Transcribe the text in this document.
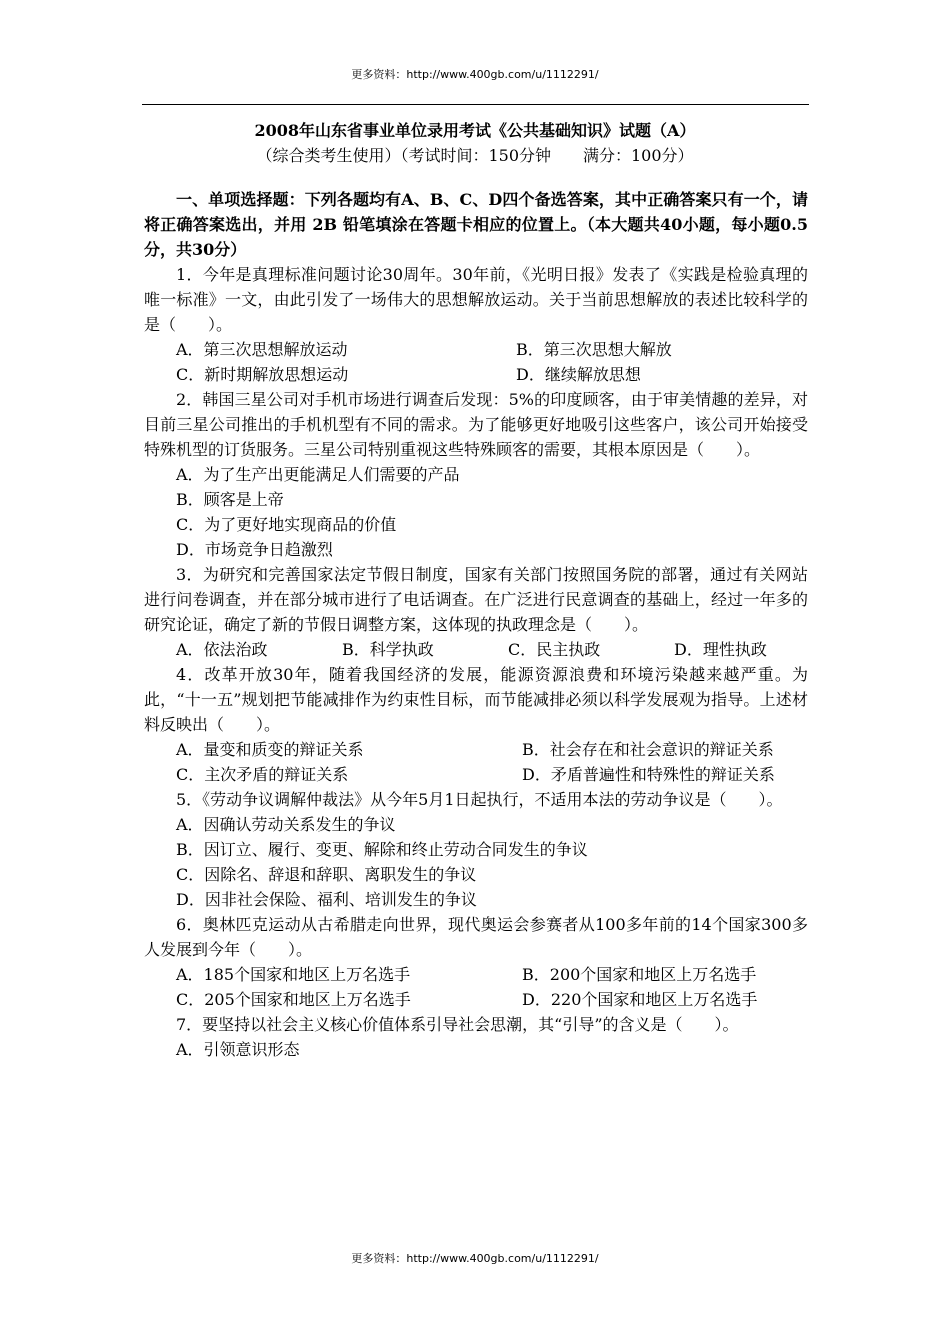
更多资料：http://www.400gb.com/u/1112291/
2008年山东省事业单位录用考试《公共基础知识》试题（A）
（综合类考生使用）（考试时间：150分钟　　满分：100分）

一、单项选择题：下列各题均有A、B、C、D四个备选答案，其中正确答案只有一个，请将正确答案选出，并用 2B 铅笔填涂在答题卡相应的位置上。（本大题共40小题，每小题0.5分，共30分）

1．今年是真理标准问题讨论30周年。30年前，《光明日报》发表了《实践是检验真理的唯一标准》一文，由此引发了一场伟大的思想解放运动。关于当前思想解放的表述比较科学的是（　　）。

A．第三次思想解放运动	B．第三次思想大解放
C．新时期解放思想运动	D．继续解放思想

2．韩国三星公司对手机市场进行调查后发现：5%的印度顾客，由于审美情趣的差异，对目前三星公司推出的手机机型有不同的需求。为了能够更好地吸引这些客户，该公司开始接受特殊机型的订货服务。三星公司特别重视这些特殊顾客的需要，其根本原因是（　　）。

A．为了生产出更能满足人们需要的产品

B．顾客是上帝

C．为了更好地实现商品的价值

D．市场竞争日趋激烈

3．为研究和完善国家法定节假日制度，国家有关部门按照国务院的部署，通过有关网站进行问卷调查，并在部分城市进行了电话调查。在广泛进行民意调查的基础上，经过一年多的研究论证，确定了新的节假日调整方案，这体现的执政理念是（　　）。

A．依法治政	B．科学执政	C．民主执政	D．理性执政

4．改革开放30年，随着我国经济的发展，能源资源浪费和环境污染越来越严重。为此，“十一五”规划把节能减排作为约束性目标，而节能减排必须以科学发展观为指导。上述材料反映出（　　）。

A．量变和质变的辩证关系	B．社会存在和社会意识的辩证关系

C．主次矛盾的辩证关系	D．矛盾普遍性和特殊性的辩证关系

5．《劳动争议调解仲裁法》从今年5月1日起执行，不适用本法的劳动争议是（　　）。

A．因确认劳动关系发生的争议

B．因订立、履行、变更、解除和终止劳动合同发生的争议

C．因除名、辞退和辞职、离职发生的争议

D．因非社会保险、福利、培训发生的争议

6．奥林匹克运动从古希腊走向世界，现代奥运会参赛者从100多年前的14个国家300多人发展到今年（　　）。

A．185个国家和地区上万名选手	B．200个国家和地区上万名选手
C．205个国家和地区上万名选手	D．220个国家和地区上万名选手

7．要坚持以社会主义核心价值体系引导社会思潮，其“引导”的含义是（　　）。

A．引领意识形态

更多资料：http://www.400gb.com/u/1112291/
